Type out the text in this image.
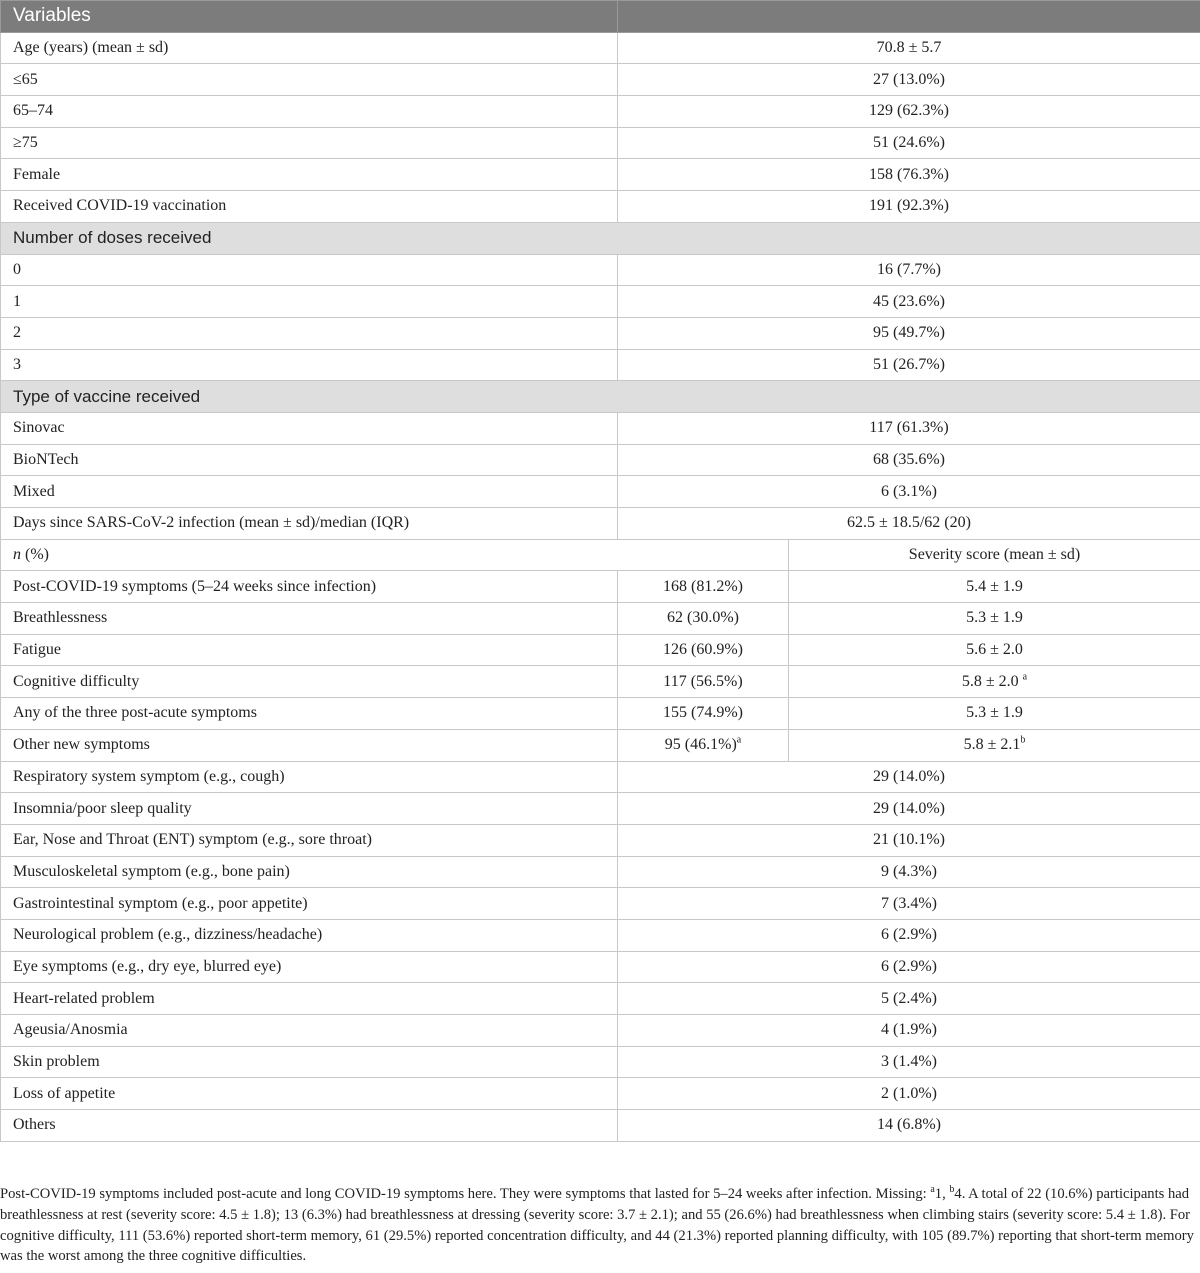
Variables		
Age (years) (mean ± sd)	70.8 ± 5.7	
≤65	27 (13.0%)	
65–74	129 (62.3%)	
≥75	51 (24.6%)	
Female	158 (76.3%)	
Received COVID-19 vaccination	191 (92.3%)	
Number of doses received		
0	16 (7.7%)	
1	45 (23.6%)	
2	95 (49.7%)	
3	51 (26.7%)	
Type of vaccine received		
Sinovac	117 (61.3%)	
BioNTech	68 (35.6%)	
Mixed	6 (3.1%)	
Days since SARS-CoV-2 infection (mean ± sd)/median (IQR)	62.5 ± 18.5/62 (20)	
n (%)		Severity score (mean ± sd)
Post-COVID-19 symptoms (5–24 weeks since infection)	168 (81.2%)	5.4 ± 1.9
Breathlessness	62 (30.0%)	5.3 ± 1.9
Fatigue	126 (60.9%)	5.6 ± 2.0
Cognitive difficulty	117 (56.5%)	5.8 ± 2.0 $^a$
Any of the three post-acute symptoms	155 (74.9%)	5.3 ± 1.9
Other new symptoms	95 $(46.1\%)^a$	5.8 ± 2.1$^b$
Respiratory system symptom (e.g., cough)	29 (14.0%)	
Insomnia/poor sleep quality	29 (14.0%)	
Ear, Nose and Throat (ENT) symptom (e.g., sore throat)	21 (10.1%)	
Musculoskeletal symptom (e.g., bone pain)	9 (4.3%)	
Gastrointestinal symptom (e.g., poor appetite)	7 (3.4%)	
Neurological problem (e.g., dizziness/headache)	6 (2.9%)	
Eye symptoms (e.g., dry eye, blurred eye)	6 (2.9%)	
Heart-related problem	5 (2.4%)	
Ageusia/Anosmia	4 (1.9%)	
Skin problem	3 (1.4%)	
Loss of appetite	2 (1.0%)	
Others	14 (6.8%)	
Post-COVID-19 symptoms included post-acute and long COVID-19 symptoms here. They were symptoms that lasted for 5–24 weeks after infection. Missing: $^a$1, $^b$4. A total of 22 (10.6%) participants had breathlessness at rest (severity score: 4.5 ± 1.8); 13 (6.3%) had breathlessness at dressing (severity score: 3.7 ± 2.1); and 55 (26.6%) had breathlessness when climbing stairs (severity score: 5.4 ± 1.8). For cognitive difficulty, 111 (53.6%) reported short-term memory, 61 (29.5%) reported concentration difficulty, and 44 (21.3%) reported planning difficulty, with 105 (89.7%) reporting that short-term memory was the worst among the three cognitive difficulties.
